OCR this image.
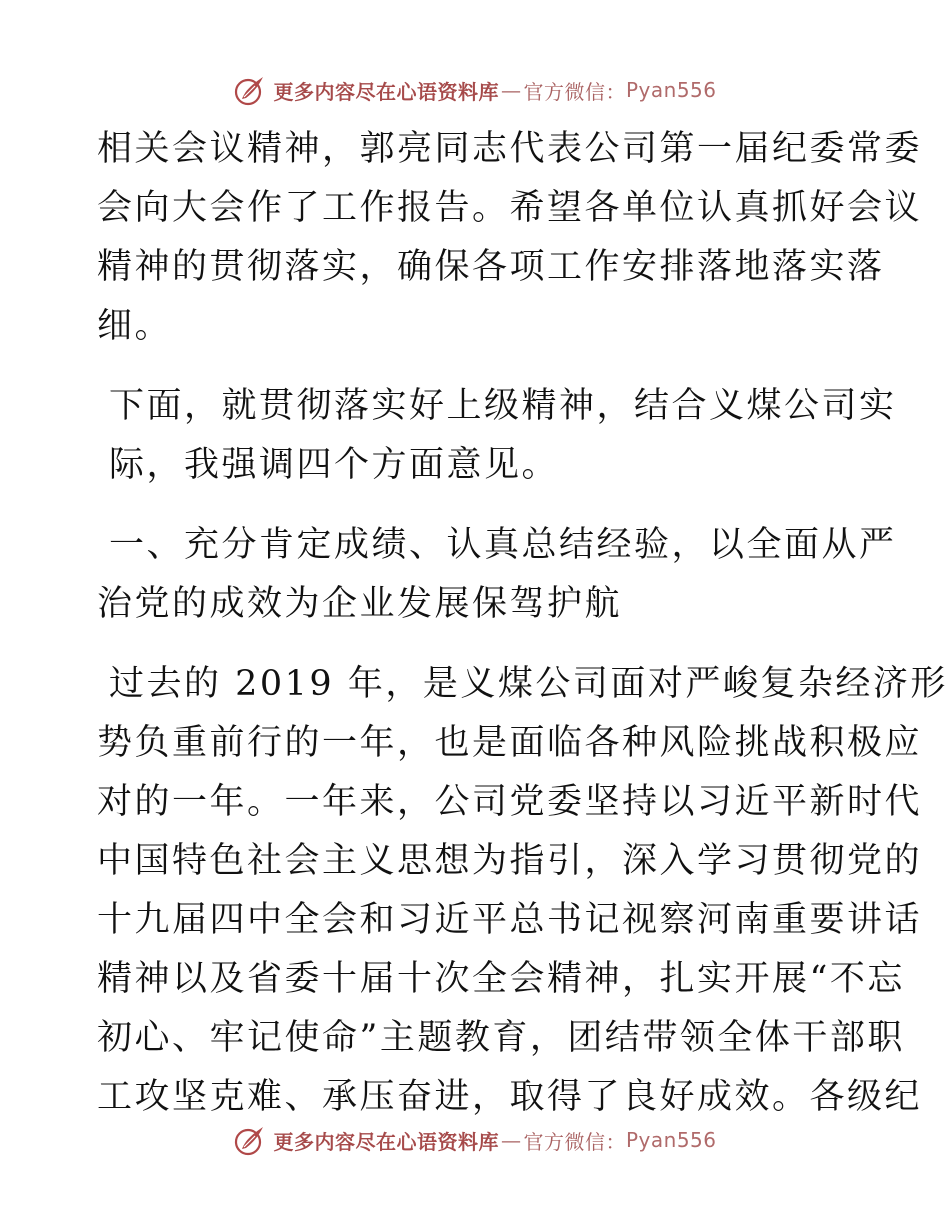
更多内容尽在心语资料库 — 官方微信： Pyan556
相关会议精神，郭亮同志代表公司第一届纪委常委
会向大会作了工作报告。希望各单位认真抓好会议
精神的贯彻落实，确保各项工作安排落地落实落
细。
下面，就贯彻落实好上级精神，结合义煤公司实
际，我强调四个方面意见。
一、充分肯定成绩、认真总结经验，以全面从严
治党的成效为企业发展保驾护航
过去的 2019 年，是义煤公司面对严峻复杂经济形
势负重前行的一年，也是面临各种风险挑战积极应
对的一年。一年来，公司党委坚持以习近平新时代
中国特色社会主义思想为指引，深入学习贯彻党的
十九届四中全会和习近平总书记视察河南重要讲话
精神以及省委十届十次全会精神，扎实开展“不忘
初心、牢记使命”主题教育，团结带领全体干部职
工攻坚克难、承压奋进，取得了良好成效。各级纪
更多内容尽在心语资料库 — 官方微信： Pyan556
